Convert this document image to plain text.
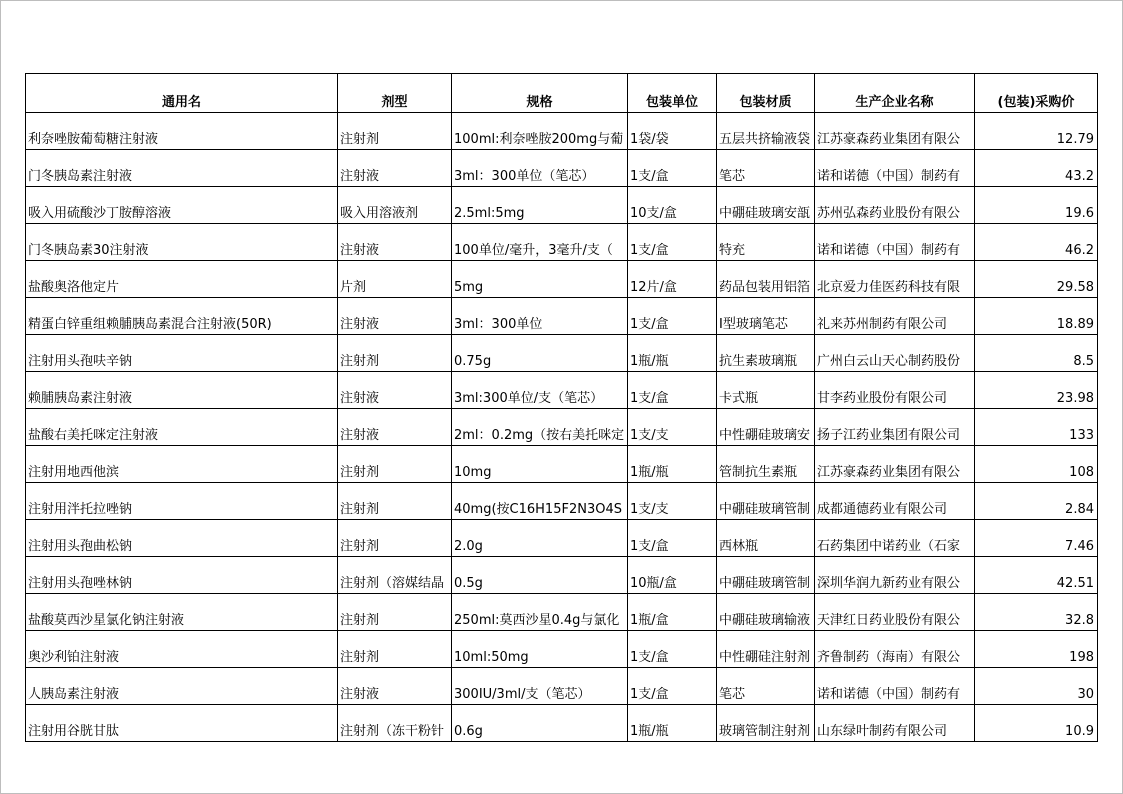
通用名	剂型	规格	包装单位	包装材质	生产企业名称	(包装)采购价
利奈唑胺葡萄糖注射液	注射剂	100ml:利奈唑胺200mg与葡	1袋/袋	五层共挤输液袋	江苏豪森药业集团有限公	12.79
门冬胰岛素注射液	注射液	3ml：300单位（笔芯）	1支/盒	笔芯	诺和诺德（中国）制药有	43.2
吸入用硫酸沙丁胺醇溶液	吸入用溶液剂	2.5ml:5mg	10支/盒	中硼硅玻璃安瓿	苏州弘森药业股份有限公	19.6
门冬胰岛素30注射液	注射液	100单位/毫升，3毫升/支（	1支/盒	特充	诺和诺德（中国）制药有	46.2
盐酸奥洛他定片	片剂	5mg	12片/盒	药品包装用铝箔	北京爱力佳医药科技有限	29.58
精蛋白锌重组赖脯胰岛素混合注射液(50R)	注射液	3ml：300单位	1支/盒	I型玻璃笔芯	礼来苏州制药有限公司	18.89
注射用头孢呋辛钠	注射剂	0.75g	1瓶/瓶	抗生素玻璃瓶	广州白云山天心制药股份	8.5
赖脯胰岛素注射液	注射液	3ml:300单位/支（笔芯）	1支/盒	卡式瓶	甘李药业股份有限公司	23.98
盐酸右美托咪定注射液	注射液	2ml：0.2mg（按右美托咪定	1支/支	中性硼硅玻璃安	扬子江药业集团有限公司	133
注射用地西他滨	注射剂	10mg	1瓶/瓶	管制抗生素瓶	江苏豪森药业集团有限公	108
注射用泮托拉唑钠	注射剂	40mg(按C16H15F2N3O4S	1支/支	中硼硅玻璃管制	成都通德药业有限公司	2.84
注射用头孢曲松钠	注射剂	2.0g	1支/盒	西林瓶	石药集团中诺药业（石家	7.46
注射用头孢唑林钠	注射剂（溶媒结晶	0.5g	10瓶/盒	中硼硅玻璃管制	深圳华润九新药业有限公	42.51
盐酸莫西沙星氯化钠注射液	注射剂	250ml:莫西沙星0.4g与氯化	1瓶/盒	中硼硅玻璃输液	天津红日药业股份有限公	32.8
奥沙利铂注射液	注射剂	10ml:50mg	1支/盒	中性硼硅注射剂	齐鲁制药（海南）有限公	198
人胰岛素注射液	注射液	300IU/3ml/支（笔芯）	1支/盒	笔芯	诺和诺德（中国）制药有	30
注射用谷胱甘肽	注射剂（冻干粉针	0.6g	1瓶/瓶	玻璃管制注射剂	山东绿叶制药有限公司	10.9
